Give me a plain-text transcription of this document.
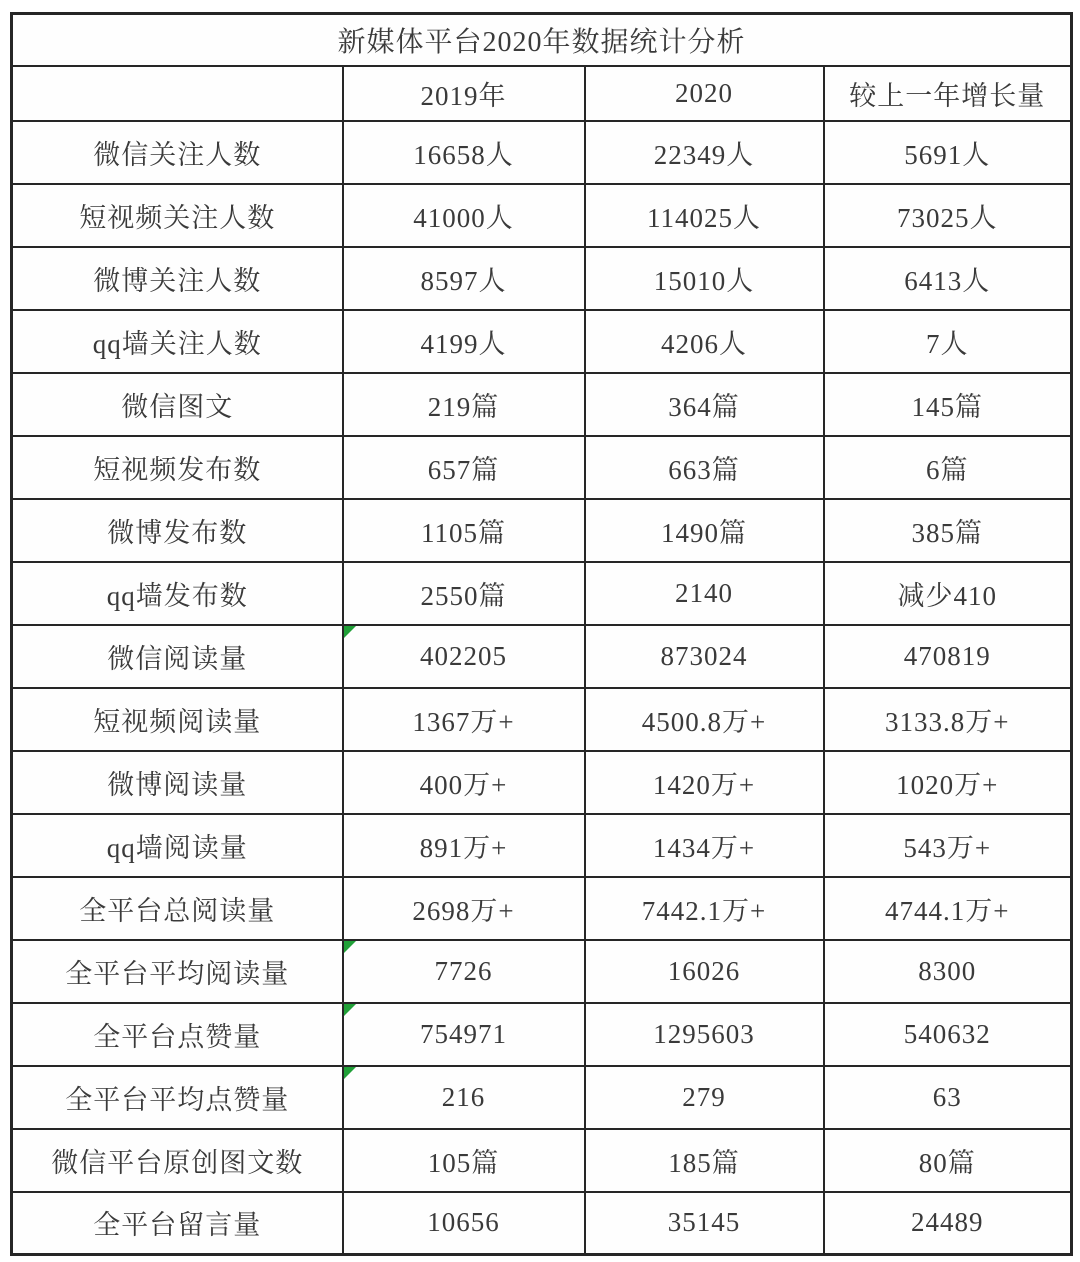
新媒体平台2020年数据统计分析			
	2019年	2020	较上一年增长量
微信关注人数	16658人	22349人	5691人
短视频关注人数	41000人	114025人	73025人
微博关注人数	8597人	15010人	6413人
qq墙关注人数	4199人	4206人	7人
微信图文	219篇	364篇	145篇
短视频发布数	657篇	663篇	6篇
微博发布数	1105篇	1490篇	385篇
qq墙发布数	2550篇	2140	减少410
微信阅读量	402205	873024	470819
短视频阅读量	1367万+	4500.8万+	3133.8万+
微博阅读量	400万+	1420万+	1020万+
qq墙阅读量	891万+	1434万+	543万+
全平台总阅读量	2698万+	7442.1万+	4744.1万+
全平台平均阅读量	7726	16026	8300
全平台点赞量	754971	1295603	540632
全平台平均点赞量	216	279	63
微信平台原创图文数	105篇	185篇	80篇
全平台留言量	10656	35145	24489
